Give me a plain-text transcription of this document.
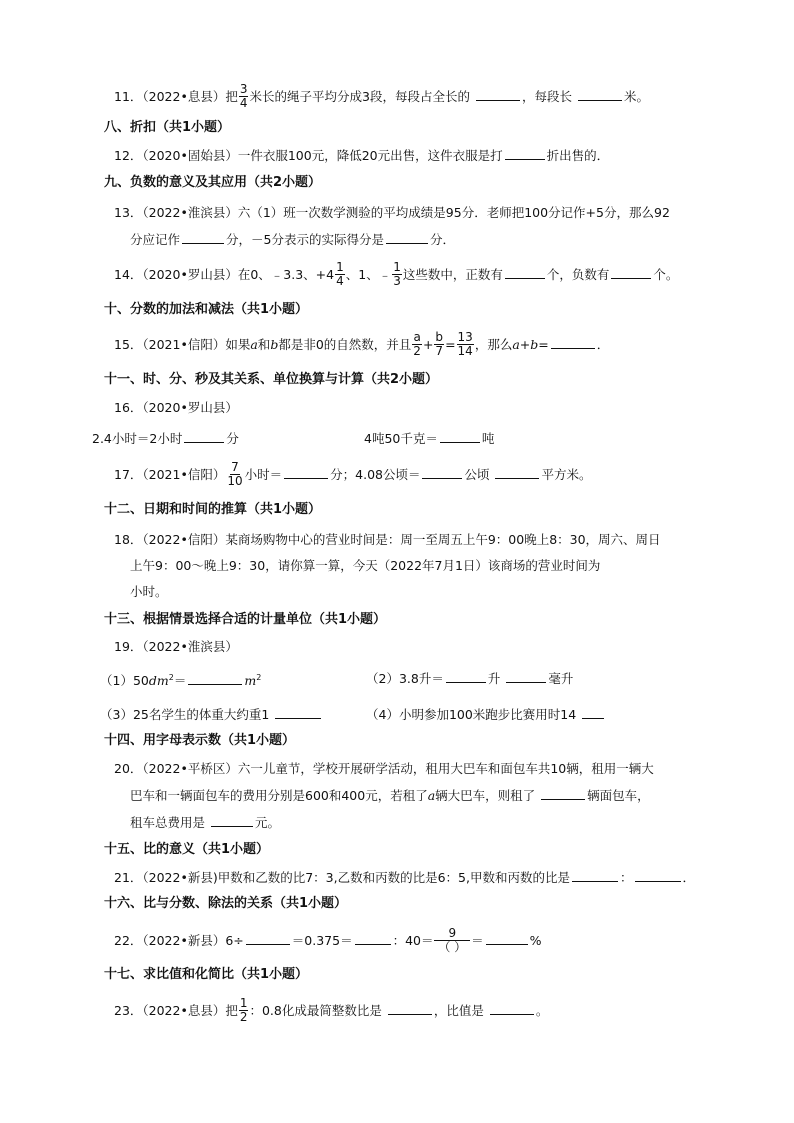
11．（2022•息县）把 $\frac{3}{4}$ 米长的绳子平均分成3段，每段占全长的	，每段长	米。
八、折扣（共1小题）
12．（2020•固始县）一件衣服100元，降低20元出售，这件衣服是打	折出售的．
九、负数的意义及其应用（共2小题）
13．（2022•淮滨县）六（1）班一次数学测验的平均成绩是95分．老师把100分记作+5分，那么92
分应记作	分，－5分表示的实际得分是	分．
14．（2020•罗山县）在0、﹣3.3、$+4 \frac{1}{4}$ 、1、﹣ $\frac{1}{3}$ 这些数中，正数有	个，负数有	个。
十、分数的加法和减法（共1小题）
15．（2021•信阳）如果a和b都是非0的自然数，并且 $\frac{a}{2} + \frac{b}{7} = \frac{13}{14}$ ，那么a+b=	．
十一、时、分、秒及其关系、单位换算与计算（共2小题）
16．（2020•罗山县）
2.4小时＝2小时	分	4吨50千克＝	吨
17．（2021•信阳） $\frac{7}{10}$ 小时＝	分；4.08公顷＝	公顷	平方米。
十二、日期和时间的推算（共1小题）
18．（2022•信阳）某商场购物中心的营业时间是：周一至周五上午9：00晚上8：30，周六、周日
上午9：00～晚上9：30，请你算一算，今天（2022年7月1日）该商场的营业时间为
小时。
十三、根据情景选择合适的计量单位（共1小题）
19．（2022•淮滨县）
$(1)50dm^2=$	$m^2$	（2）3.8升＝	升	毫升
（3）25名学生的体重大约重1	（4）小明参加100米跑步比赛用时14
十四、用字母表示数（共1小题）
20．（2022•平桥区）六一儿童节，学校开展研学活动，租用大巴车和面包车共10辆，租用一辆大
巴车和一辆面包车的费用分别是600和400元，若租了a辆大巴车，则租了	辆面包车，
租车总费用是	元。
十五、比的意义（共1小题）
21．（2022•新县)甲数和乙数的比7：3,乙数和丙数的比是6：5,甲数和丙数的比是	：	．
十六、比与分数、除法的关系（共1小题）
22．（2022•新县）6÷	＝0.375＝	：40＝	9
（ ） ＝	%
十七、求比值和化简比（共1小题）
23．（2022•息县）把 $\frac{1}{2}$ ：0.8化成最简整数比是	，比值是	。
